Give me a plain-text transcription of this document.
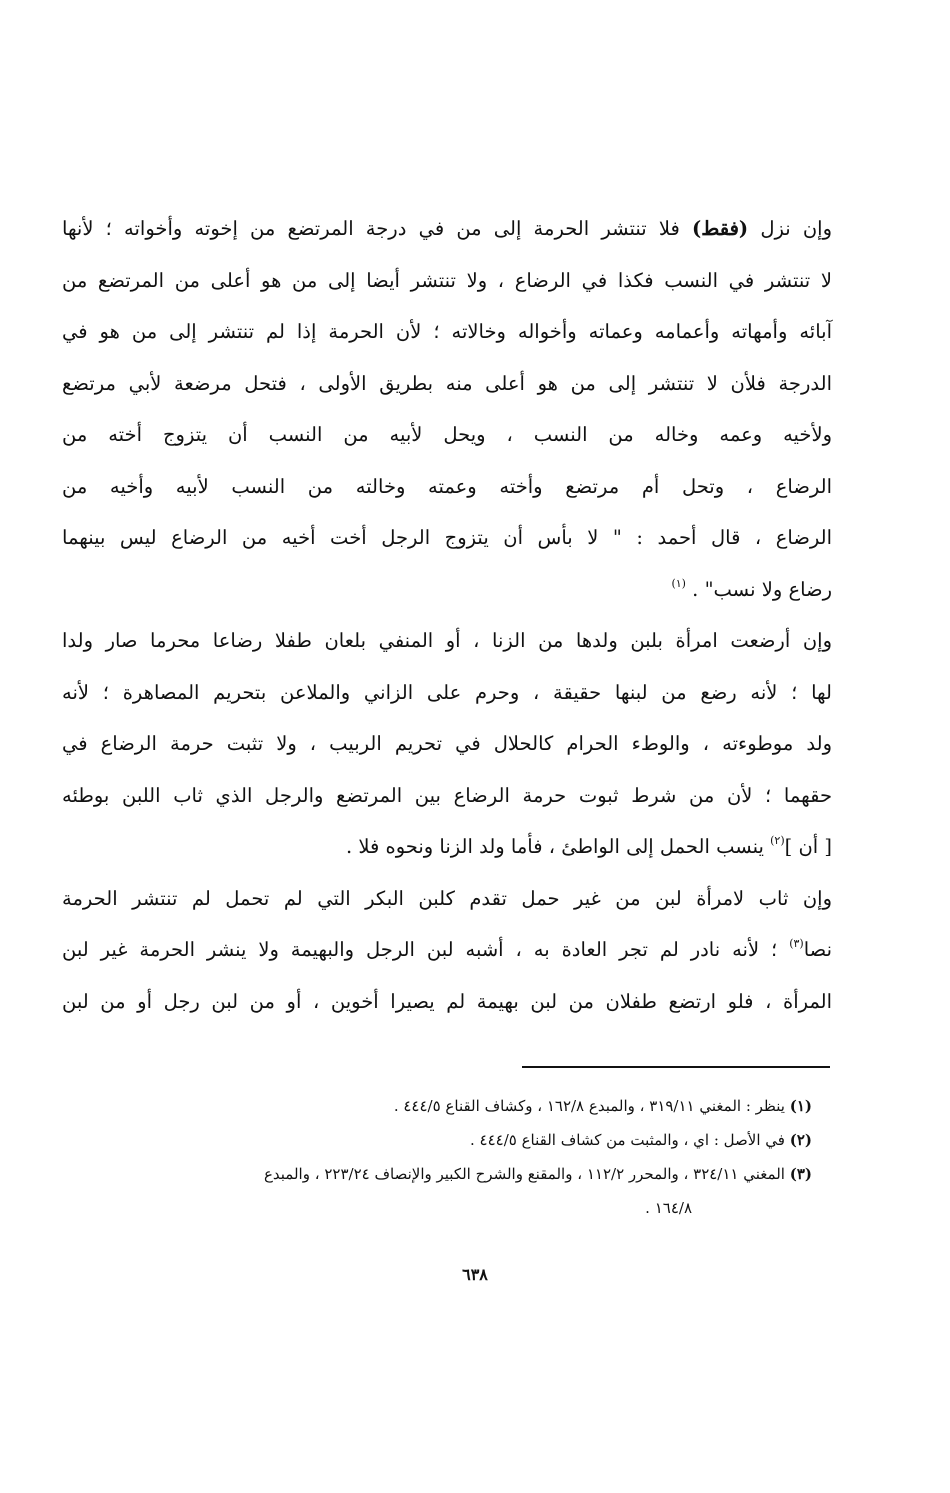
وإن نزل (فقط) فلا تنتشر الحرمة إلى من في درجة المرتضع من إخوته وأخواته ؛ لأنها
لا تنتشر في النسب فكذا في الرضاع ، ولا تنتشر أيضا إلى من هو أعلى من المرتضع من
آبائه وأمهاته وأعمامه وعماته وأخواله وخالاته ؛ لأن الحرمة إذا لم تنتشر إلى من هو في
الدرجة فلأن لا تنتشر إلى من هو أعلى منه بطريق الأولى ، فتحل مرضعة لأبي مرتضع
ولأخيه وعمه وخاله من النسب ، ويحل لأبيه من النسب أن يتزوج أخته من
الرضاع ، وتحل أم مرتضع وأخته وعمته وخالته من النسب لأبيه وأخيه من
الرضاع ، قال أحمد : " لا بأس أن يتزوج الرجل أخت أخيه من الرضاع ليس بينهما
رضاع ولا نسب" . $^{(١)}$

وإن أرضعت امرأة بلبن ولدها من الزنا ، أو المنفي بلعان طفلا رضاعا محرما صار ولدا
لها ؛ لأنه رضع من لبنها حقيقة ، وحرم على الزاني والملاعن بتحريم المصاهرة ؛ لأنه
ولد موطوءته ، والوطء الحرام كالحلال في تحريم الربيب ، ولا تثبت حرمة الرضاع في
حقهما ؛ لأن من شرط ثبوت حرمة الرضاع بين المرتضع والرجل الذي ثاب اللبن بوطئه
[ أن ]$^{(٢)}$ ينسب الحمل إلى الواطئ ، فأما ولد الزنا ونحوه فلا .

وإن ثاب لامرأة لبن من غير حمل تقدم كلبن البكر التي لم تحمل لم تنتشر الحرمة
نصا$^{(٣)}$ ؛ لأنه نادر لم تجر العادة به ، أشبه لبن الرجل والبهيمة ولا ينشر الحرمة غير لبن
المرأة ، فلو ارتضع طفلان من لبن بهيمة لم يصيرا أخوين ، أو من لبن رجل أو من لبن

(١) ينظر : المغني ٣١٩/١١ ، والمبدع ١٦٢/٨ ، وكشاف القناع ٤٤٤/٥ .

(٢) في الأصل : اي ، والمثبت من كشاف القناع ٤٤٤/٥ .

(٣) المغني ٣٢٤/١١ ، والمحرر ١١٢/٢ ، والمقنع والشرح الكبير والإنصاف ٢٢٣/٢٤ ، والمبدع

١٦٤/٨ .

٦٣٨
